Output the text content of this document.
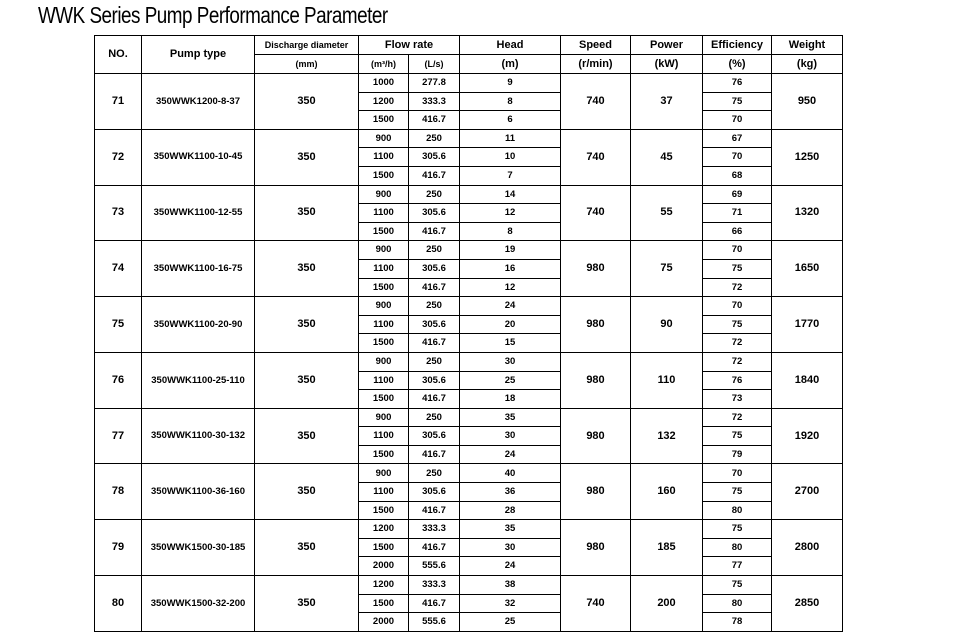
WWK Series Pump Performance Parameter
NO.	Pump type	Discharge diameter	Flow rate		Head	Speed	Power	Efficiency	Weight
		(mm)	(m³/h)	(L/s)	(m)	(r/min)	(kW)	(%)	(kg)
71	350WWK1200-8-37	350	1000	277.8	9	740	37	76	950
			1200	333.3	8			75	
			1500	416.7	6			70	
72	350WWK1100-10-45	350	900	250	11	740	45	67	1250
			1100	305.6	10			70	
			1500	416.7	7			68	
73	350WWK1100-12-55	350	900	250	14	740	55	69	1320
			1100	305.6	12			71	
			1500	416.7	8			66	
74	350WWK1100-16-75	350	900	250	19	980	75	70	1650
			1100	305.6	16			75	
			1500	416.7	12			72	
75	350WWK1100-20-90	350	900	250	24	980	90	70	1770
			1100	305.6	20			75	
			1500	416.7	15			72	
76	350WWK1100-25-110	350	900	250	30	980	110	72	1840
			1100	305.6	25			76	
			1500	416.7	18			73	
77	350WWK1100-30-132	350	900	250	35	980	132	72	1920
			1100	305.6	30			75	
			1500	416.7	24			79	
78	350WWK1100-36-160	350	900	250	40	980	160	70	2700
			1100	305.6	36			75	
			1500	416.7	28			80	
79	350WWK1500-30-185	350	1200	333.3	35	980	185	75	2800
			1500	416.7	30			80	
			2000	555.6	24			77	
80	350WWK1500-32-200	350	1200	333.3	38	740	200	75	2850
			1500	416.7	32			80	
			2000	555.6	25			78	
